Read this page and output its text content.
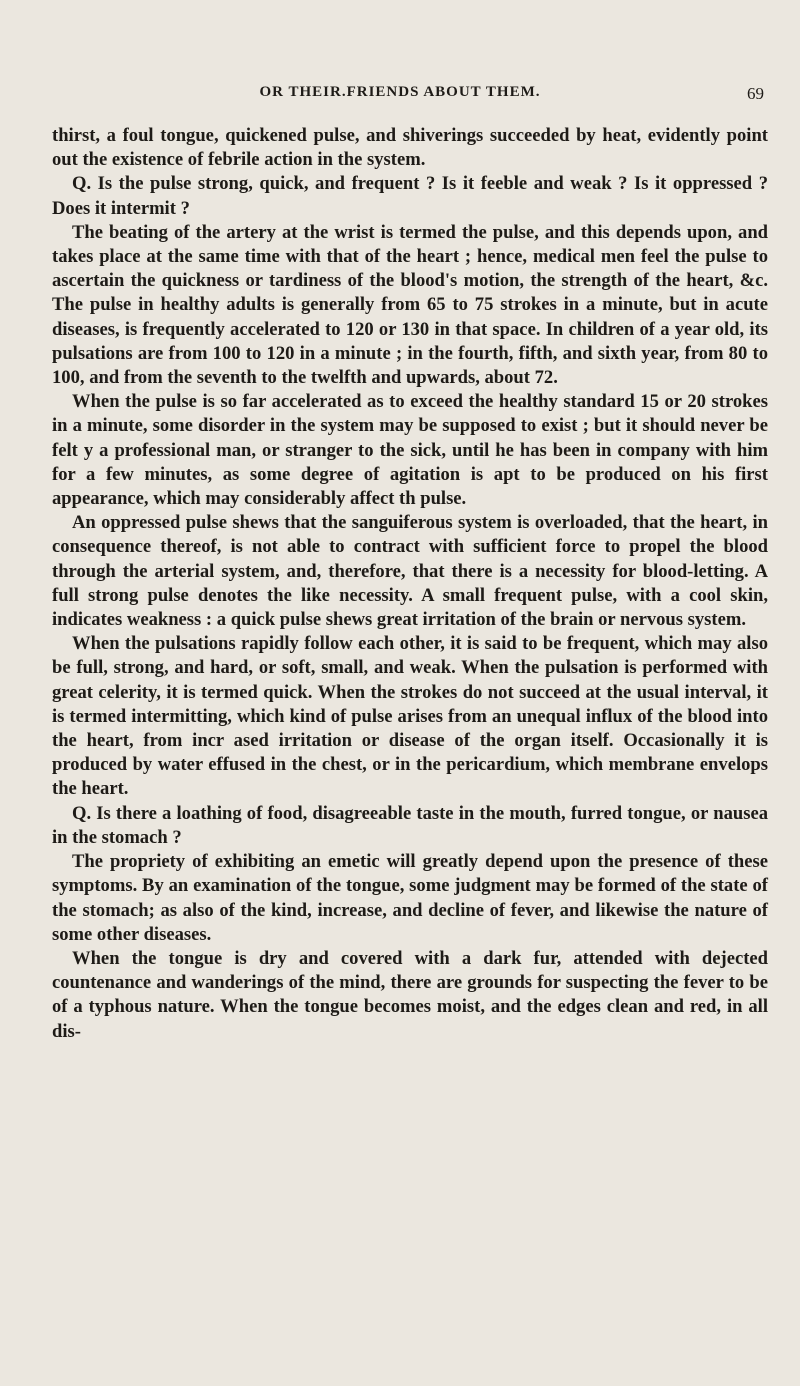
OR THEIR.FRIENDS ABOUT THEM.	69

thirst, a foul tongue, quickened pulse, and shiverings succeeded by heat, evidently point out the existence of febrile action in the system.

Q. Is the pulse strong, quick, and frequent ? Is it feeble and weak ? Is it oppressed ? Does it intermit ?

The beating of the artery at the wrist is termed the pulse, and this depends upon, and takes place at the same time with that of the heart ; hence, medical men feel the pulse to ascertain the quickness or tardiness of the blood's motion, the strength of the heart, &c. The pulse in healthy adults is generally from 65 to 75 strokes in a minute, but in acute diseases, is frequently accelerated to 120 or 130 in that space. In children of a year old, its pulsations are from 100 to 120 in a minute ; in the fourth, fifth, and sixth year, from 80 to 100, and from the seventh to the twelfth and upwards, about 72.

When the pulse is so far accelerated as to exceed the healthy standard 15 or 20 strokes in a minute, some disorder in the system may be supposed to exist ; but it should never be felt y a professional man, or stranger to the sick, until he has been in company with him for a few minutes, as some degree of agitation is apt to be produced on his first appearance, which may considerably affect th pulse.

An oppressed pulse shews that the sanguiferous system is overloaded, that the heart, in consequence thereof, is not able to contract with sufficient force to propel the blood through the arterial system, and, therefore, that there is a necessity for blood-letting. A full strong pulse denotes the like necessity. A small frequent pulse, with a cool skin, indicates weakness : a quick pulse shews great irritation of the brain or nervous system.

When the pulsations rapidly follow each other, it is said to be frequent, which may also be full, strong, and hard, or soft, small, and weak. When the pulsation is performed with great celerity, it is termed quick. When the strokes do not succeed at the usual interval, it is termed intermitting, which kind of pulse arises from an unequal influx of the blood into the heart, from incr ased irritation or disease of the organ itself. Occasionally it is produced by water effused in the chest, or in the pericardium, which membrane envelops the heart.

Q. Is there a loathing of food, disagreeable taste in the mouth, furred tongue, or nausea in the stomach ?

The propriety of exhibiting an emetic will greatly depend upon the presence of these symptoms. By an examination of the tongue, some judgment may be formed of the state of the stomach; as also of the kind, increase, and decline of fever, and likewise the nature of some other diseases.

When the tongue is dry and covered with a dark fur, attended with dejected countenance and wanderings of the mind, there are grounds for suspecting the fever to be of a typhous nature. When the tongue becomes moist, and the edges clean and red, in all dis-
